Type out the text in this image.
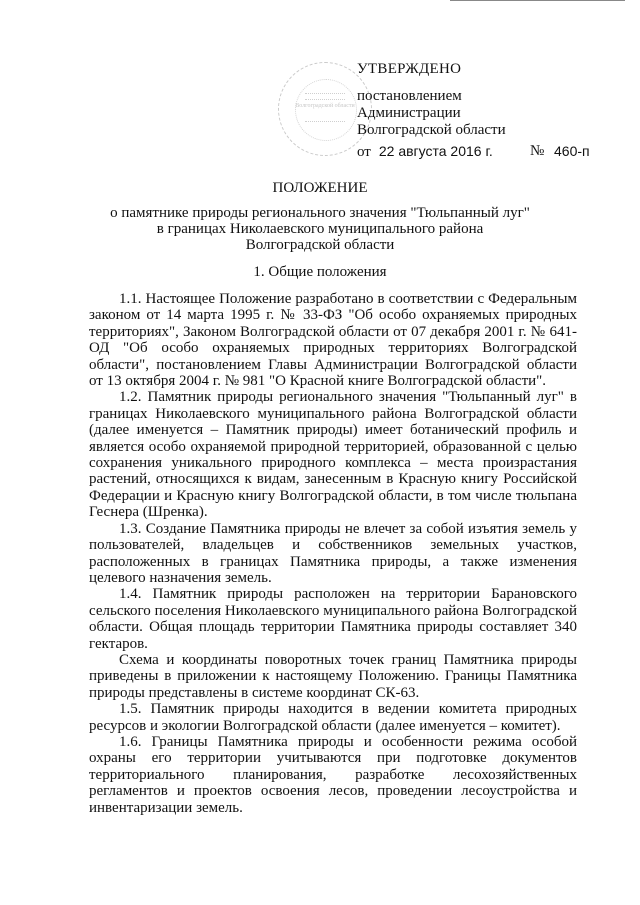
Волгоградской области
УТВЕРЖДЕНО
постановлением
Администрации
Волгоградской области
от 22 августа 2016 г. № 460-п
ПОЛОЖЕНИЕ
о памятнике природы регионального значения "Тюльпанный луг"
в границах Николаевского муниципального района
Волгоградской области
1. Общие положения

1.1. Настоящее Положение разработано в соответствии с Федеральным законом от 14 марта 1995 г. № 33-ФЗ "Об особо охраняемых природных территориях", Законом Волгоградской области от 07 декабря 2001 г. № 641-ОД "Об особо охраняемых природных территориях Волгоградской области", постановлением Главы Администрации Волгоградской области от 13 октября 2004 г. № 981 "О Красной книге Волгоградской области".

1.2. Памятник природы регионального значения "Тюльпанный луг" в границах Николаевского муниципального района Волгоградской области (далее именуется – Памятник природы) имеет ботанический профиль и является особо охраняемой природной территорией, образованной с целью сохранения уникального природного комплекса – места произрастания растений, относящихся к видам, занесенным в Красную книгу Российской Федерации и Красную книгу Волгоградской области, в том числе тюльпана Геснера (Шренка).

1.3. Создание Памятника природы не влечет за собой изъятия земель у пользователей, владельцев и собственников земельных участков, расположенных в границах Памятника природы, а также изменения целевого назначения земель.

1.4. Памятник природы расположен на территории Барановского сельского поселения Николаевского муниципального района Волгоградской области. Общая площадь территории Памятника природы составляет 340 гектаров.

Схема и координаты поворотных точек границ Памятника природы приведены в приложении к настоящему Положению. Границы Памятника природы представлены в системе координат СК-63.

1.5. Памятник природы находится в ведении комитета природных ресурсов и экологии Волгоградской области (далее именуется – комитет).

1.6. Границы Памятника природы и особенности режима особой охраны его территории учитываются при подготовке документов территориального планирования, разработке лесохозяйственных регламентов и проектов освоения лесов, проведении лесоустройства и инвентаризации земель.
